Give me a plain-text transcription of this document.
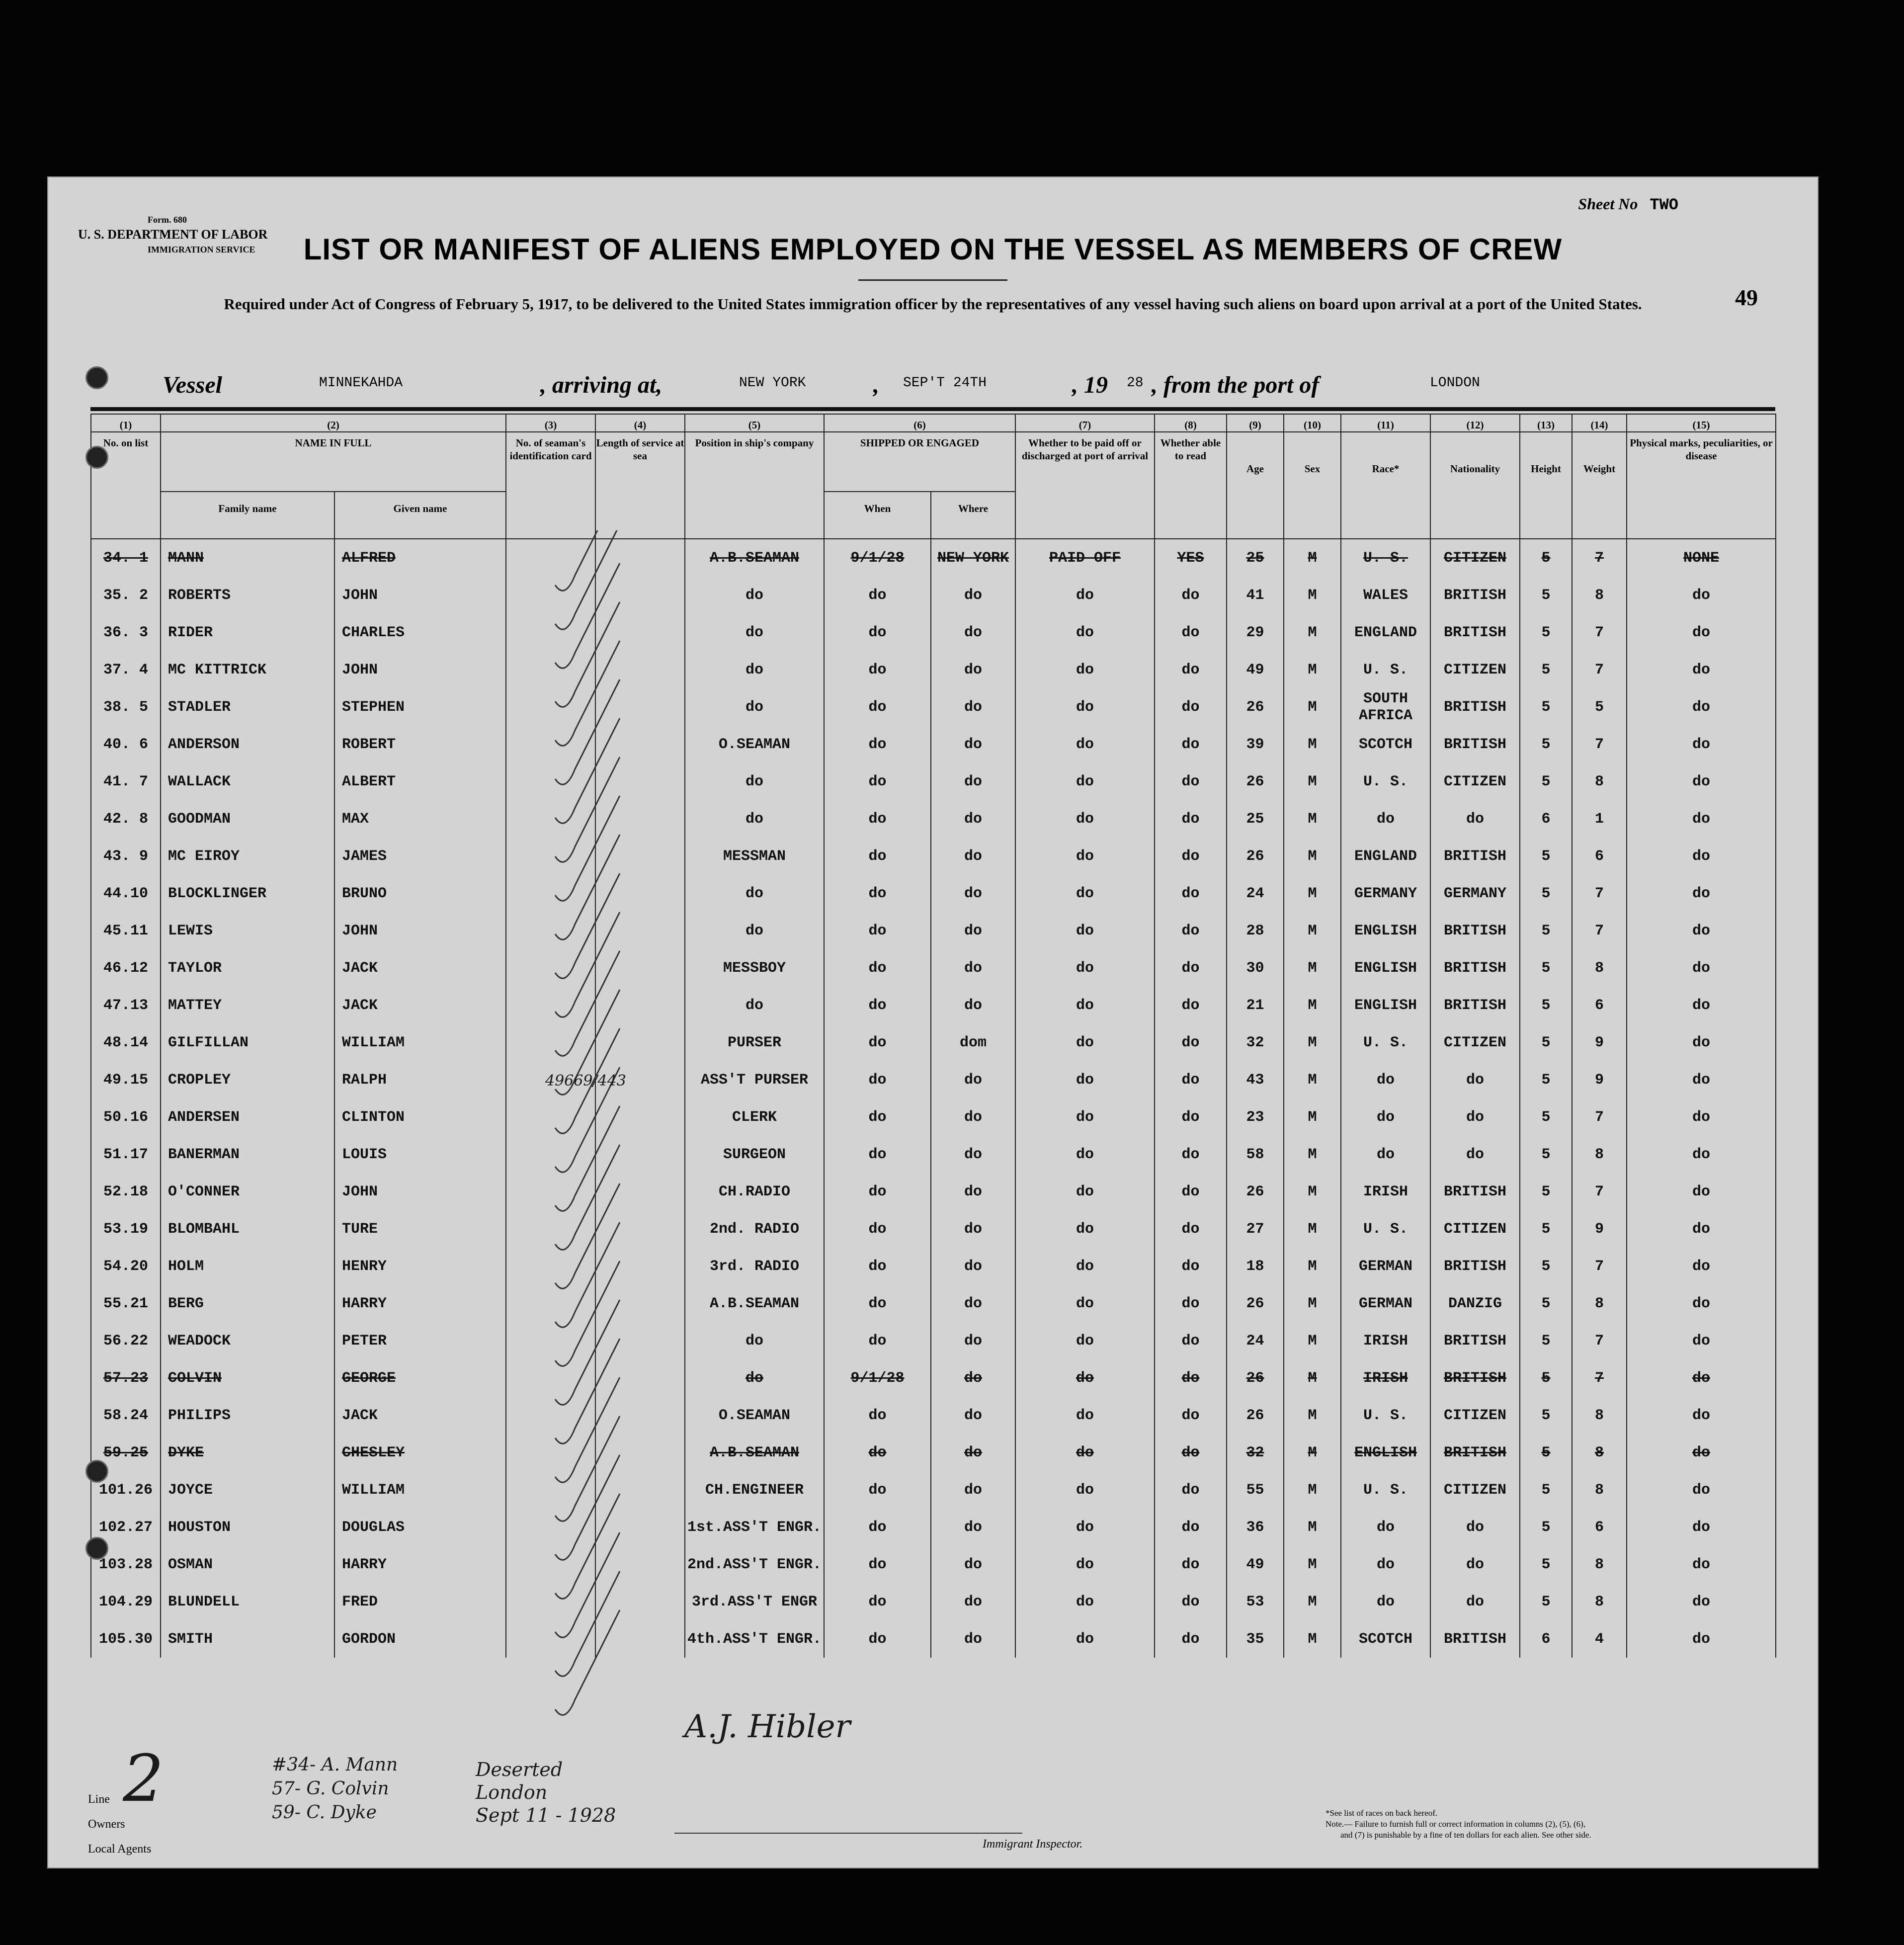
Form. 680
U. S. DEPARTMENT OF LABOR
IMMIGRATION SERVICE
Sheet No TWO
49
LIST OR MANIFEST OF ALIENS EMPLOYED ON THE VESSEL AS MEMBERS OF CREW
Required under Act of Congress of February 5, 1917, to be delivered to the United States immigration officer by the representatives of any vessel having such aliens on board upon arrival at a port of the United States.
Vessel	MINNEKAHDA	, arriving at,	NEW YORK	, SEP'T 24TH	, 19 28 , from the port of	LONDON
(1)	(2)		(3)	(4)	(5)	(6)		(7)	(8)	(9)	(10)	(11)	(12)	(13)	(14)	(15)
No. on list	NAME IN FULL		No. of seaman's identification card	Length of service at sea	Position in ship's company	SHIPPED OR ENGAGED		Whether to be paid off or discharged at port of arrival	Whether able to read	Age	Sex	Race*	Nationality	Height	Weight	Physical marks, peculiarities, or disease
	Family name	Given name				When	Where									
34. 1	MANN	ALFRED			A.B.SEAMAN	9/1/28	NEW YORK	PAID OFF	YES	25	M	U. S.	CITIZEN	5	7	NONE
35. 2	ROBERTS	JOHN			do	do	do	do	do	41	M	WALES	BRITISH	5	8	do
36. 3	RIDER	CHARLES			do	do	do	do	do	29	M	ENGLAND	BRITISH	5	7	do
37. 4	MC KITTRICK	JOHN			do	do	do	do	do	49	M	U. S.	CITIZEN	5	7	do
38. 5	STADLER	STEPHEN			do	do	do	do	do	26	M	SOUTH AFRICA	BRITISH	5	5	do
40. 6	ANDERSON	ROBERT			O.SEAMAN	do	do	do	do	39	M	SCOTCH	BRITISH	5	7	do
41. 7	WALLACK	ALBERT			do	do	do	do	do	26	M	U. S.	CITIZEN	5	8	do
42. 8	GOODMAN	MAX			do	do	do	do	do	25	M	do	do	6	1	do
43. 9	MC EIROY	JAMES			MESSMAN	do	do	do	do	26	M	ENGLAND	BRITISH	5	6	do
44.10	BLOCKLINGER	BRUNO			do	do	do	do	do	24	M	GERMANY	GERMANY	5	7	do
45.11	LEWIS	JOHN			do	do	do	do	do	28	M	ENGLISH	BRITISH	5	7	do
46.12	TAYLOR	JACK			MESSBOY	do	do	do	do	30	M	ENGLISH	BRITISH	5	8	do
47.13	MATTEY	JACK			do	do	do	do	do	21	M	ENGLISH	BRITISH	5	6	do
48.14	GILFILLAN	WILLIAM			PURSER	do	dom	do	do	32	M	U. S.	CITIZEN	5	9	do
49.15	CROPLEY	RALPH			ASS'T PURSER	do	do	do	do	43	M	do	do	5	9	do
50.16	ANDERSEN	CLINTON			CLERK	do	do	do	do	23	M	do	do	5	7	do
51.17	BANERMAN	LOUIS			SURGEON	do	do	do	do	58	M	do	do	5	8	do
52.18	O'CONNER	JOHN			CH.RADIO	do	do	do	do	26	M	IRISH	BRITISH	5	7	do
53.19	BLOMBAHL	TURE			2nd. RADIO	do	do	do	do	27	M	U. S.	CITIZEN	5	9	do
54.20	HOLM	HENRY			3rd. RADIO	do	do	do	do	18	M	GERMAN	BRITISH	5	7	do
55.21	BERG	HARRY			A.B.SEAMAN	do	do	do	do	26	M	GERMAN	DANZIG	5	8	do
56.22	WEADOCK	PETER			do	do	do	do	do	24	M	IRISH	BRITISH	5	7	do
57.23	COLVIN	GEORGE			do	9/1/28	do	do	do	26	M	IRISH	BRITISH	5	7	do
58.24	PHILIPS	JACK			O.SEAMAN	do	do	do	do	26	M	U. S.	CITIZEN	5	8	do
59.25	DYKE	CHESLEY			A.B.SEAMAN	do	do	do	do	32	M	ENGLISH	BRITISH	5	8	do
101.26	JOYCE	WILLIAM			CH.ENGINEER	do	do	do	do	55	M	U. S.	CITIZEN	5	8	do
102.27	HOUSTON	DOUGLAS			1st.ASS'T ENGR.	do	do	do	do	36	M	do	do	5	6	do
103.28	OSMAN	HARRY			2nd.ASS'T ENGR.	do	do	do	do	49	M	do	do	5	8	do
104.29	BLUNDELL	FRED			3rd.ASS'T ENGR	do	do	do	do	53	M	do	do	5	8	do
105.30	SMITH	GORDON			4th.ASS'T ENGR.	do	do	do	do	35	M	SCOTCH	BRITISH	6	4	do
49669/443
2
Line
Owners
Local Agents
#34- A. Mann
57- G. Colvin
59- C. Dyke
Deserted
London
Sept 11 - 1928
A.J. Hibler
Immigrant Inspector.
*See list of races on back hereof.
Note.— Failure to furnish full or correct information in columns (2), (5), (6),
and (7) is punishable by a fine of ten dollars for each alien. See other side.
